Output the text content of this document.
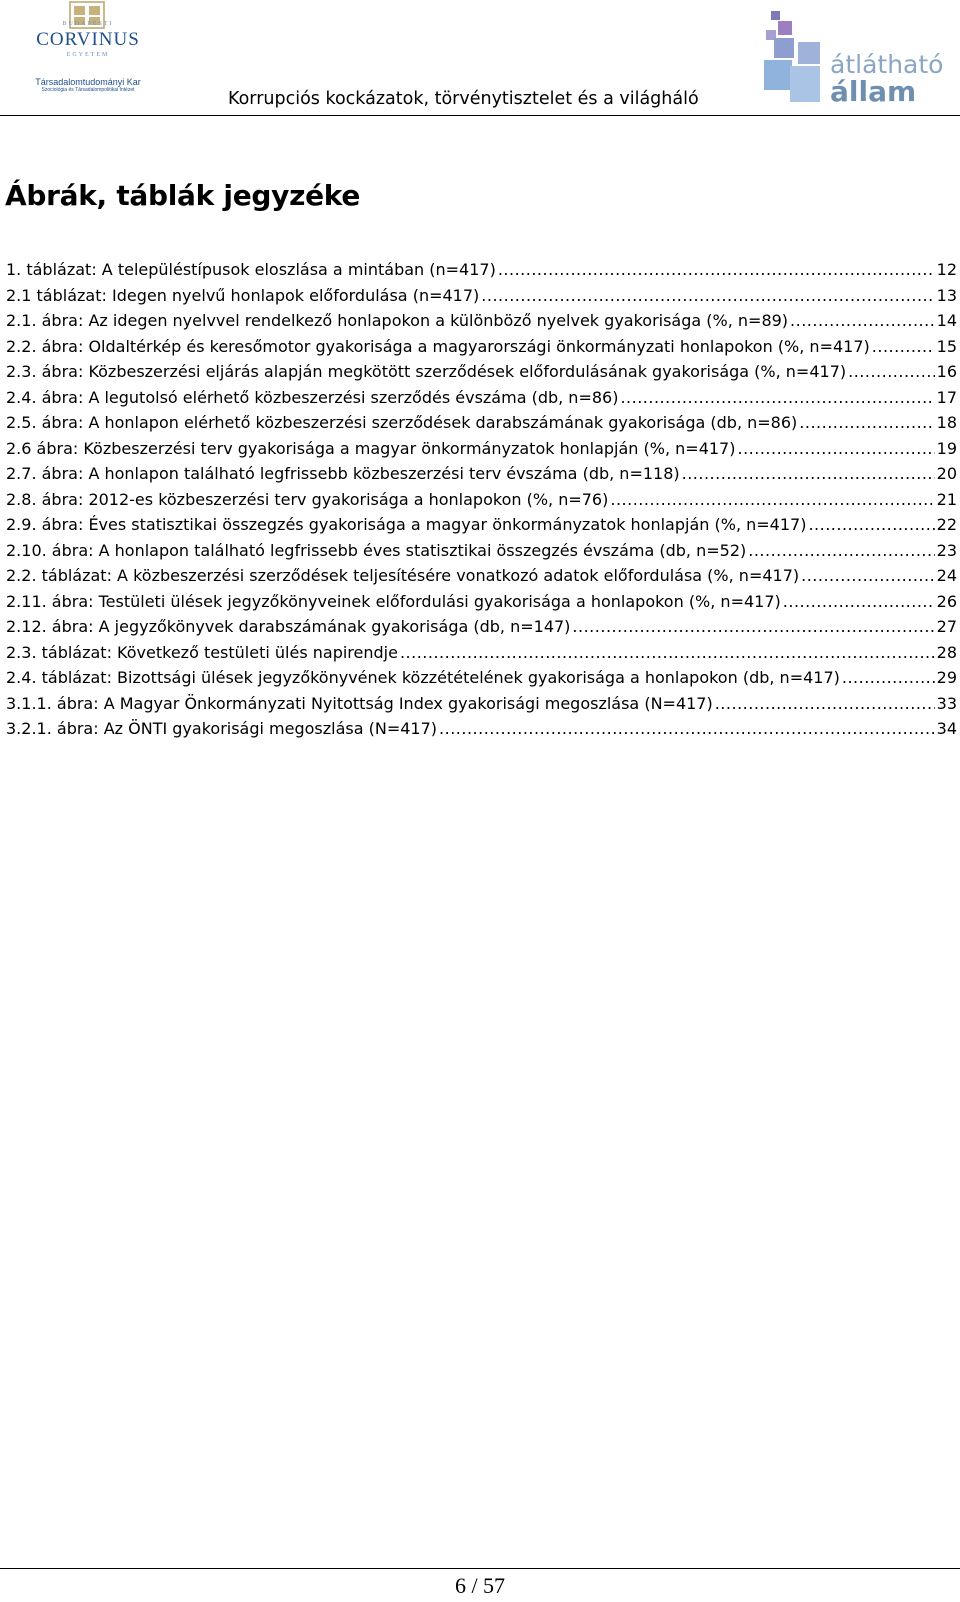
BUDAPESTI
CORVINUS
EGYETEM
Társadalomtudományi Kar
Szociológia és Társadalompolitikai Intézet	Korrupciós kockázatok, törvénytisztelet és a világháló
átlátható
állam
Ábrák, táblák jegyzéke
1. táblázat: A településtípusok eloszlása a mintában (n=417) .....	12
2.1 táblázat: Idegen nyelvű honlapok előfordulása (n=417) .....	13
2.1. ábra: Az idegen nyelvvel rendelkező honlapokon a különböző nyelvek gyakorisága (%, n=89) .....	14
2.2. ábra: Oldaltérkép és keresőmotor gyakorisága a magyarországi önkormányzati honlapokon (%, n=417) .....	15
2.3. ábra: Közbeszerzési eljárás alapján megkötött szerződések előfordulásának gyakorisága (%, n=417) .....	16
2.4. ábra: A legutolsó elérhető közbeszerzési szerződés évszáma (db, n=86) .....	17
2.5. ábra: A honlapon elérhető közbeszerzési szerződések darabszámának gyakorisága (db, n=86) .....	18
2.6 ábra: Közbeszerzési terv gyakorisága a magyar önkormányzatok honlapján (%, n=417) .....	19
2.7. ábra: A honlapon található legfrissebb közbeszerzési terv évszáma (db, n=118) .....	20
2.8. ábra: 2012-es közbeszerzési terv gyakorisága a honlapokon (%, n=76) .....	21
2.9. ábra: Éves statisztikai összegzés gyakorisága a magyar önkormányzatok honlapján (%, n=417) .....	22
2.10. ábra: A honlapon található legfrissebb éves statisztikai összegzés évszáma (db, n=52) .....	23
2.2. táblázat: A közbeszerzési szerződések teljesítésére vonatkozó adatok előfordulása (%, n=417) .....	24
2.11. ábra: Testületi ülések jegyzőkönyveinek előfordulási gyakorisága a honlapokon (%, n=417) .....	26
2.12. ábra: A jegyzőkönyvek darabszámának gyakorisága (db, n=147) .....	27
2.3. táblázat: Következő testületi ülés napirendje .....	28
2.4. táblázat: Bizottsági ülések jegyzőkönyvének közzétételének gyakorisága a honlapokon (db, n=417) .....	29
3.1.1. ábra: A Magyar Önkormányzati Nyitottság Index gyakorisági megoszlása (N=417) .....	33
3.2.1. ábra: Az ÖNTI gyakorisági megoszlása (N=417) .....	34
6 / 57
